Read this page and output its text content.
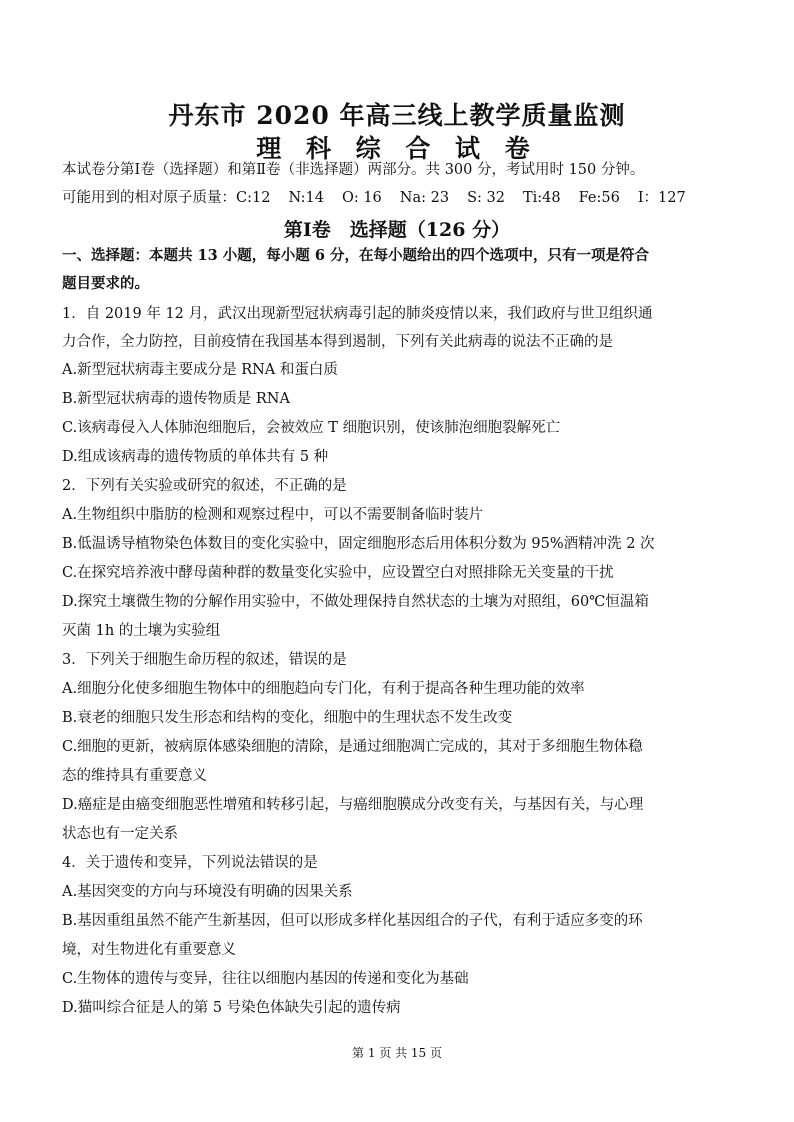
丹东市 2020 年高三线上教学质量监测
理 科 综 合 试 卷
本试卷分第Ⅰ卷（选择题）和第Ⅱ卷（非选择题）两部分。共 300 分，考试用时 150 分钟。
可能用到的相对原子质量：C:12 N:14 O: 16 Na: 23 S: 32 Ti:48 Fe:56 I：127
第Ⅰ卷　选择题（126 分）
一、选择题：本题共 13 小题，每小题 6 分，在每小题给出的四个选项中，只有一项是符合
题目要求的。
1．自 2019 年 12 月，武汉出现新型冠状病毒引起的肺炎疫情以来，我们政府与世卫组织通
力合作，全力防控，目前疫情在我国基本得到遏制，下列有关此病毒的说法不正确的是
A.新型冠状病毒主要成分是 RNA 和蛋白质
B.新型冠状病毒的遗传物质是 RNA
C.该病毒侵入人体肺泡细胞后，会被效应 T 细胞识别，使该肺泡细胞裂解死亡
D.组成该病毒的遗传物质的单体共有 5 种
2．下列有关实验或研究的叙述，不正确的是
A.生物组织中脂肪的检测和观察过程中，可以不需要制备临时装片
B.低温诱导植物染色体数目的变化实验中，固定细胞形态后用体积分数为 95%酒精冲洗 2 次
C.在探究培养液中酵母菌种群的数量变化实验中，应设置空白对照排除无关变量的干扰
D.探究土壤微生物的分解作用实验中，不做处理保持自然状态的土壤为对照组，60℃恒温箱
灭菌 1h 的土壤为实验组
3．下列关于细胞生命历程的叙述，错误的是
A.细胞分化使多细胞生物体中的细胞趋向专门化，有利于提高各种生理功能的效率
B.衰老的细胞只发生形态和结构的变化，细胞中的生理状态不发生改变
C.细胞的更新，被病原体感染细胞的清除，是通过细胞凋亡完成的，其对于多细胞生物体稳
态的维持具有重要意义
D.癌症是由癌变细胞恶性增殖和转移引起，与癌细胞膜成分改变有关，与基因有关，与心理
状态也有一定关系
4．关于遗传和变异，下列说法错误的是
A.基因突变的方向与环境没有明确的因果关系
B.基因重组虽然不能产生新基因，但可以形成多样化基因组合的子代，有利于适应多变的环
境，对生物进化有重要意义
C.生物体的遗传与变异，往往以细胞内基因的传递和变化为基础
D.猫叫综合征是人的第 5 号染色体缺失引起的遗传病
第 1 页 共 15 页
